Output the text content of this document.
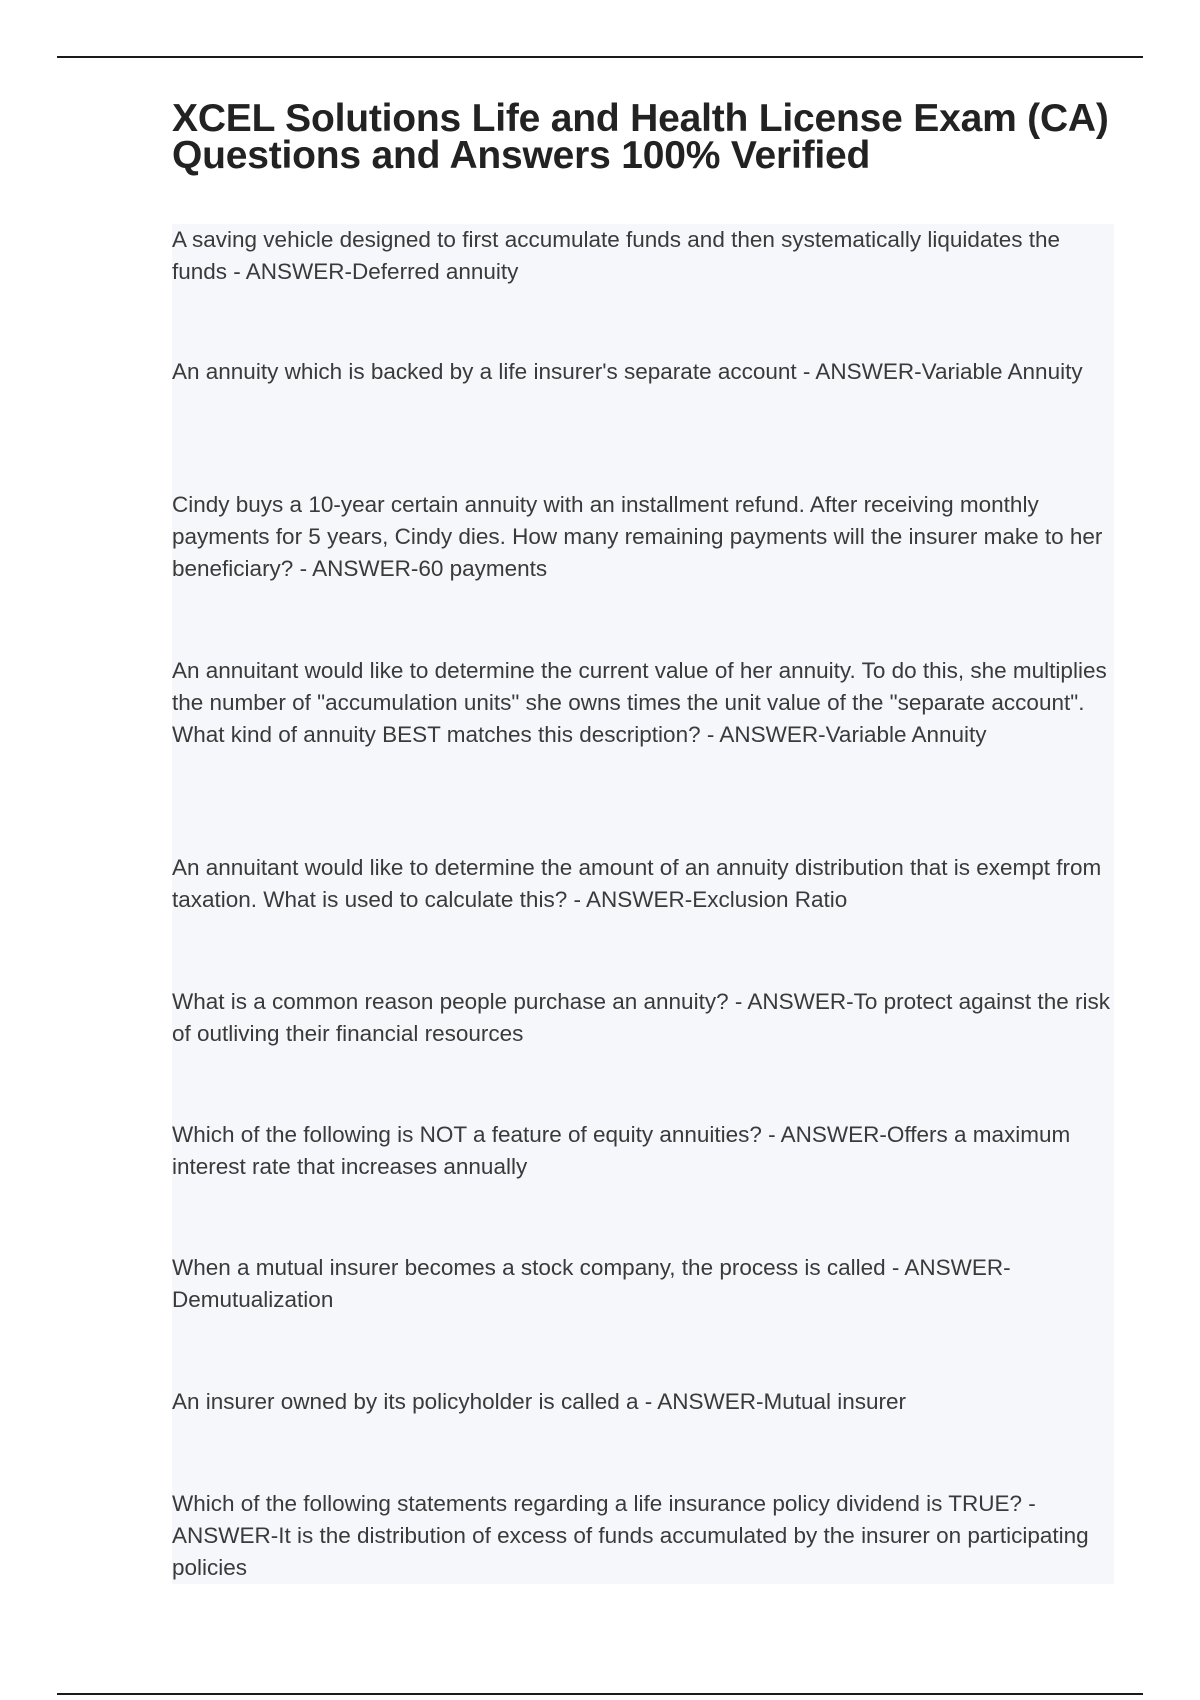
XCEL Solutions Life and Health License Exam (CA) Questions and Answers 100% Verified

A saving vehicle designed to first accumulate funds and then systematically liquidates the funds - ANSWER-Deferred annuity

An annuity which is backed by a life insurer's separate account - ANSWER-Variable Annuity

Cindy buys a 10-year certain annuity with an installment refund. After receiving monthly payments for 5 years, Cindy dies. How many remaining payments will the insurer make to her beneficiary? - ANSWER-60 payments

An annuitant would like to determine the current value of her annuity. To do this, she multiplies the number of "accumulation units" she owns times the unit value of the "separate account". What kind of annuity BEST matches this description? - ANSWER-Variable Annuity

An annuitant would like to determine the amount of an annuity distribution that is exempt from taxation. What is used to calculate this? - ANSWER-Exclusion Ratio

What is a common reason people purchase an annuity? - ANSWER-To protect against the risk of outliving their financial resources

Which of the following is NOT a feature of equity annuities? - ANSWER-Offers a maximum interest rate that increases annually

When a mutual insurer becomes a stock company, the process is called - ANSWER-Demutualization

An insurer owned by its policyholder is called a - ANSWER-Mutual insurer

Which of the following statements regarding a life insurance policy dividend is TRUE? - ANSWER-It is the distribution of excess of funds accumulated by the insurer on participating policies
